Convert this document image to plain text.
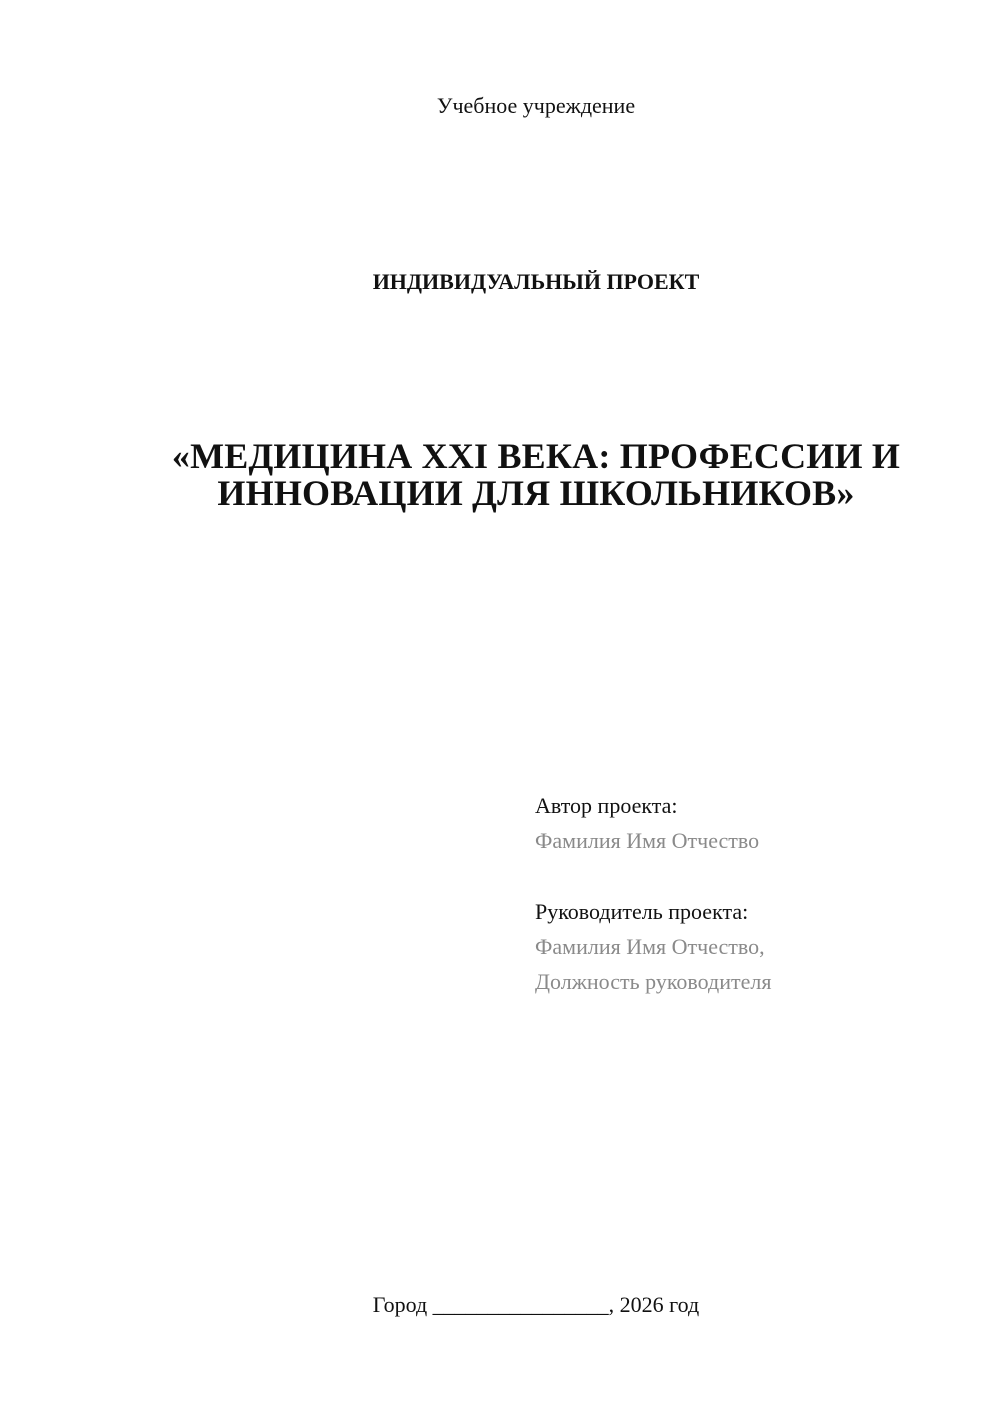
Учебное учреждение
ИНДИВИДУАЛЬНЫЙ ПРОЕКТ
«МЕДИЦИНА XXI ВЕКА: ПРОФЕССИИ И
ИННОВАЦИИ ДЛЯ ШКОЛЬНИКОВ»
Автор проекта:
Фамилия Имя Отчество
Руководитель проекта:
Фамилия Имя Отчество,
Должность руководителя
Город ________________, 2026 год
